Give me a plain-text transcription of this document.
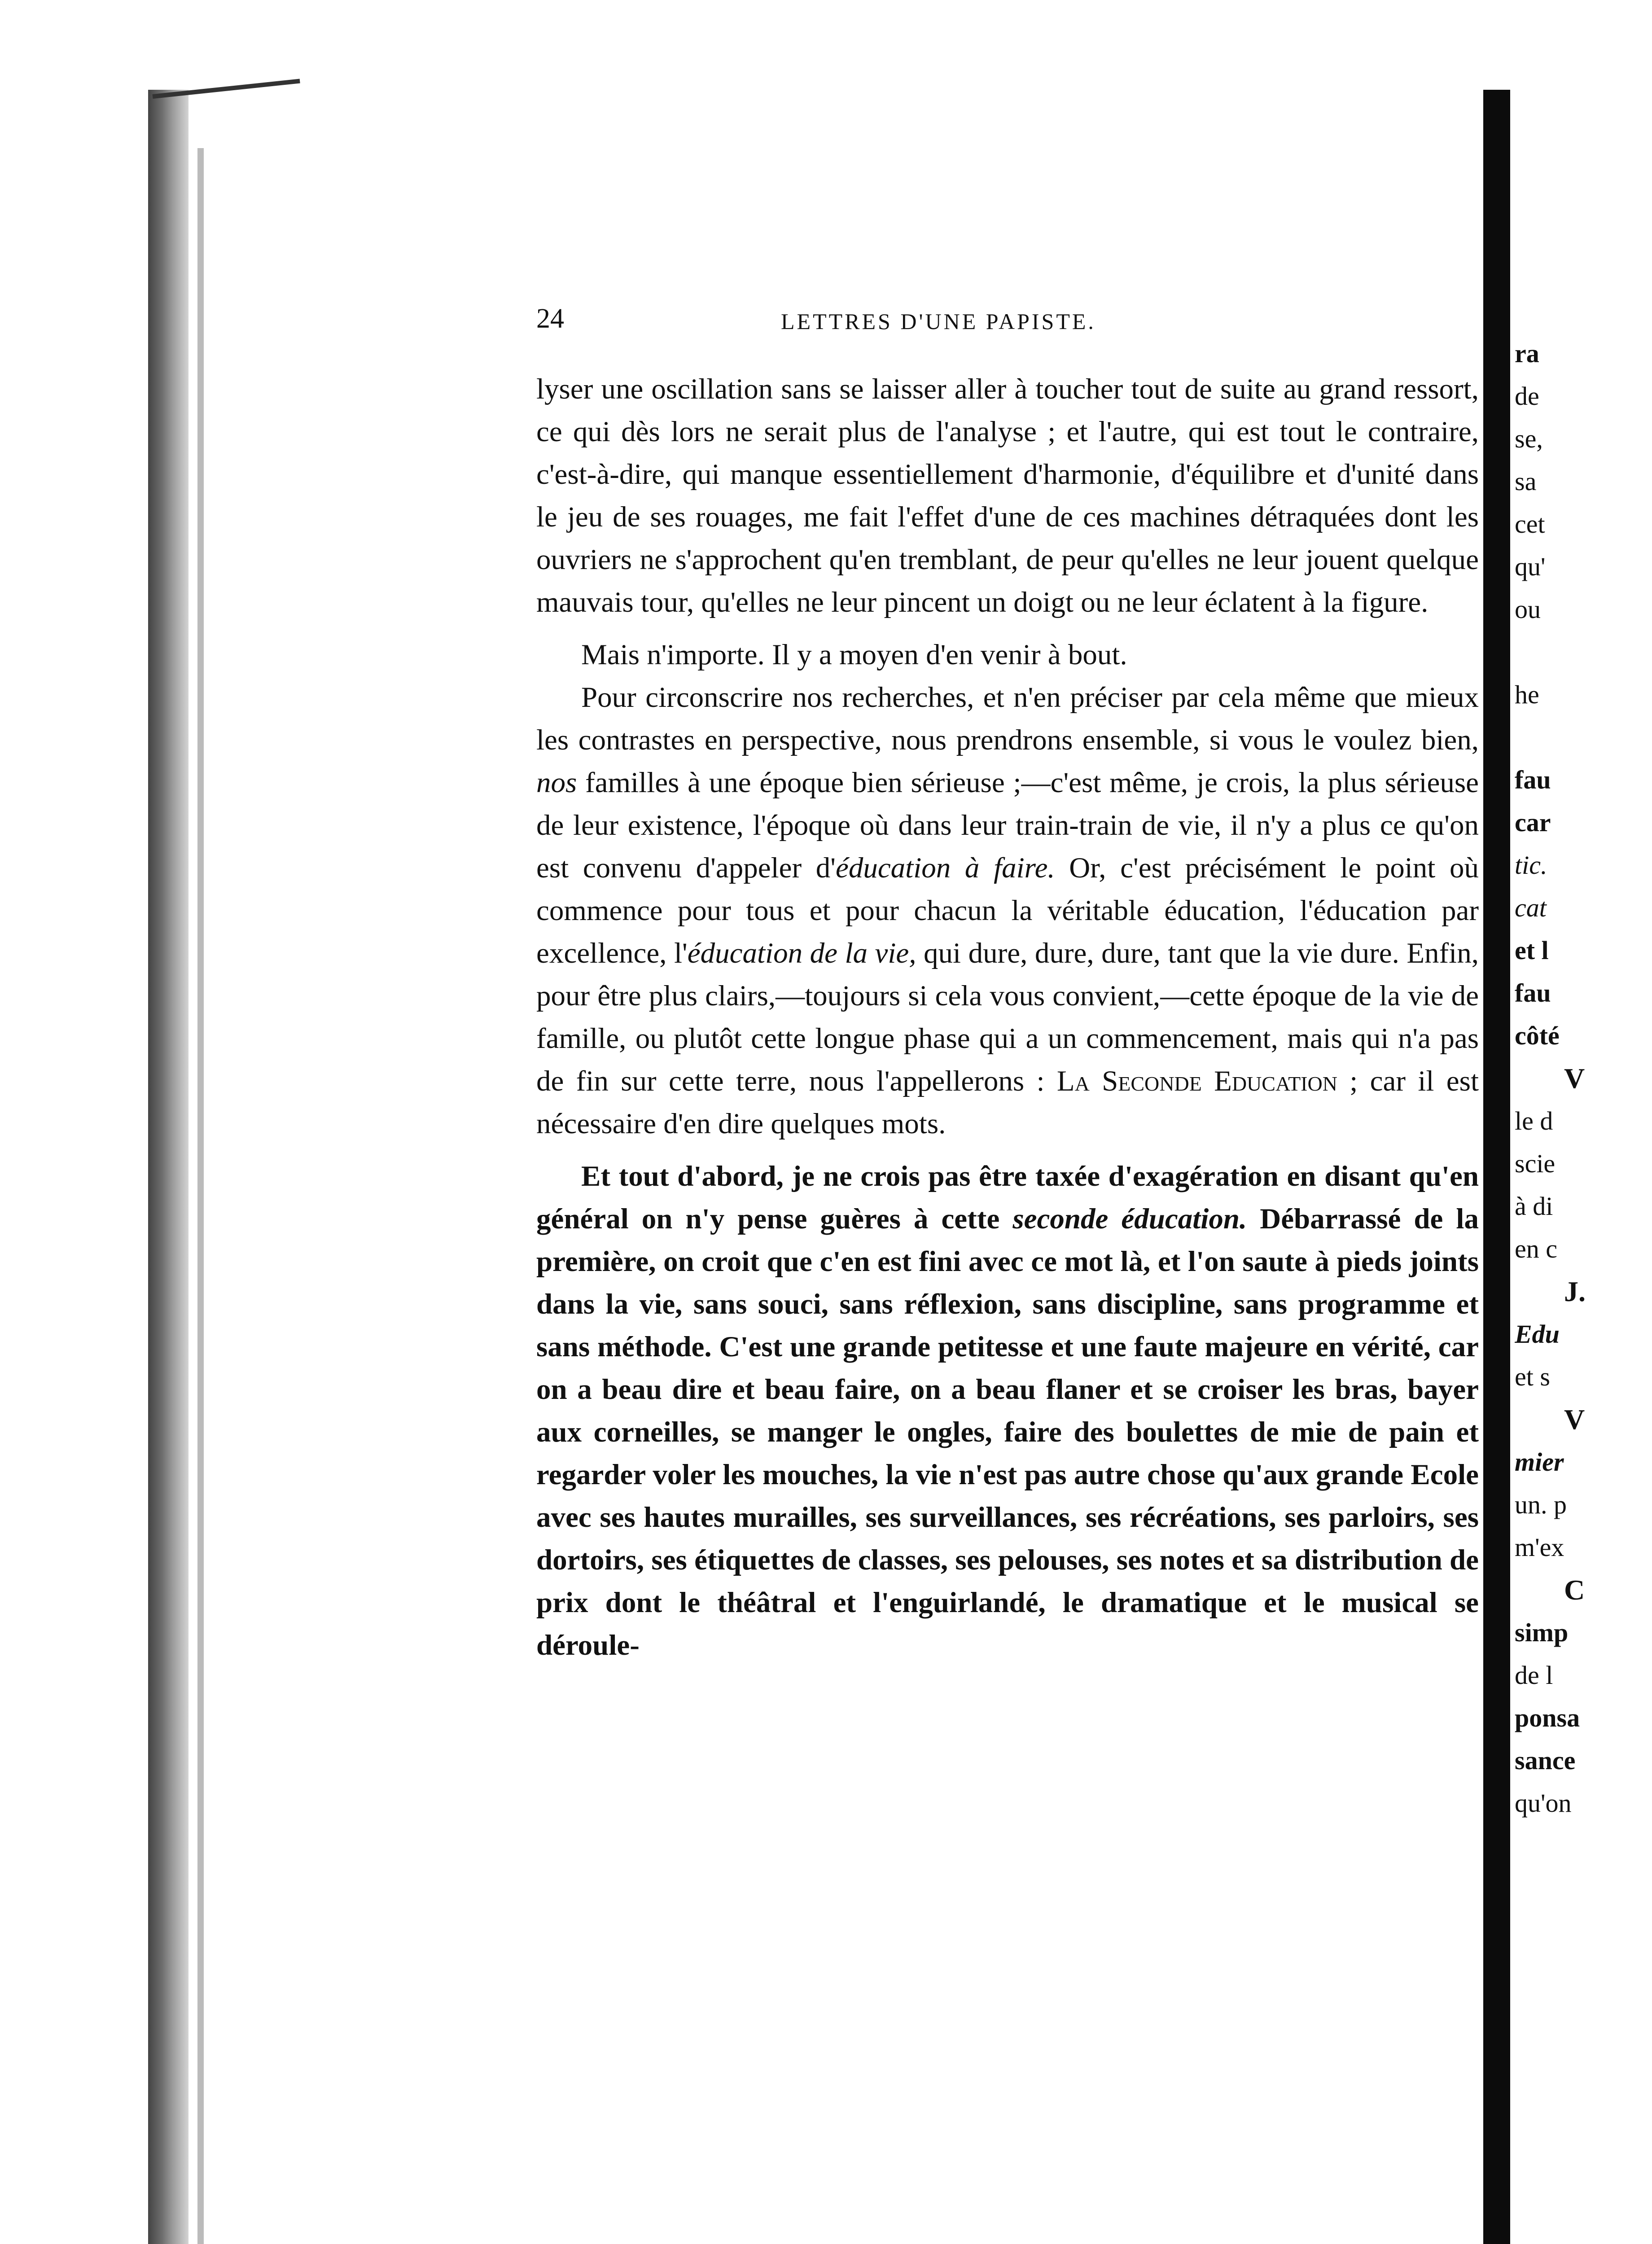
24	LETTRES D'UNE PAPISTE.

lyser une oscillation sans se laisser aller à toucher tout de suite au grand ressort, ce qui dès lors ne serait plus de l'analyse ; et l'autre, qui est tout le contraire, c'est-à-dire, qui manque essentiellement d'harmonie, d'équilibre et d'unité dans le jeu de ses rouages, me fait l'effet d'une de ces machines détraquées dont les ouvriers ne s'approchent qu'en tremblant, de peur qu'elles ne leur jouent quelque mauvais tour, qu'elles ne leur pincent un doigt ou ne leur éclatent à la figure.

Mais n'importe. Il y a moyen d'en venir à bout.

Pour circonscrire nos recherches, et n'en préciser par cela même que mieux les contrastes en perspective, nous prendrons ensemble, si vous le voulez bien, nos familles à une époque bien sérieuse ;—c'est même, je crois, la plus sérieuse de leur existence, l'époque où dans leur train-train de vie, il n'y a plus ce qu'on est convenu d'appeler d'éducation à faire. Or, c'est précisément le point où commence pour tous et pour chacun la véritable éducation, l'éducation par excellence, l'éducation de la vie, qui dure, dure, dure, tant que la vie dure. Enfin, pour être plus clairs,—toujours si cela vous convient,—cette époque de la vie de famille, ou plutôt cette longue phase qui a un commencement, mais qui n'a pas de fin sur cette terre, nous l'appellerons : La Seconde Education ; car il est nécessaire d'en dire quelques mots.

Et tout d'abord, je ne crois pas être taxée d'exagération en disant qu'en général on n'y pense guères à cette seconde éducation. Débarrassé de la première, on croit que c'en est fini avec ce mot là, et l'on saute à pieds joints dans la vie, sans souci, sans réflexion, sans discipline, sans programme et sans méthode. C'est une grande petitesse et une faute majeure en vérité, car on a beau dire et beau faire, on a beau flaner et se croiser les bras, bayer aux corneilles, se manger le ongles, faire des boulettes de mie de pain et regarder voler les mouches, la vie n'est pas autre chose qu'aux grande Ecole avec ses hautes murailles, ses surveillances, ses récréations, ses parloirs, ses dortoirs, ses étiquettes de classes, ses pelouses, ses notes et sa distribution de prix dont le théâtral et l'enguirlandé, le dramatique et le musical se déroule-

ra
de
se,
sa
cet
qu'
ou

he

fau
car
tic.
cat
et l
fau
côté
V
le d
scie
à di
en c
J.
Edu
et s
V
mier
un. p
m'ex
C
simp
de l
ponsa
sance
qu'on
